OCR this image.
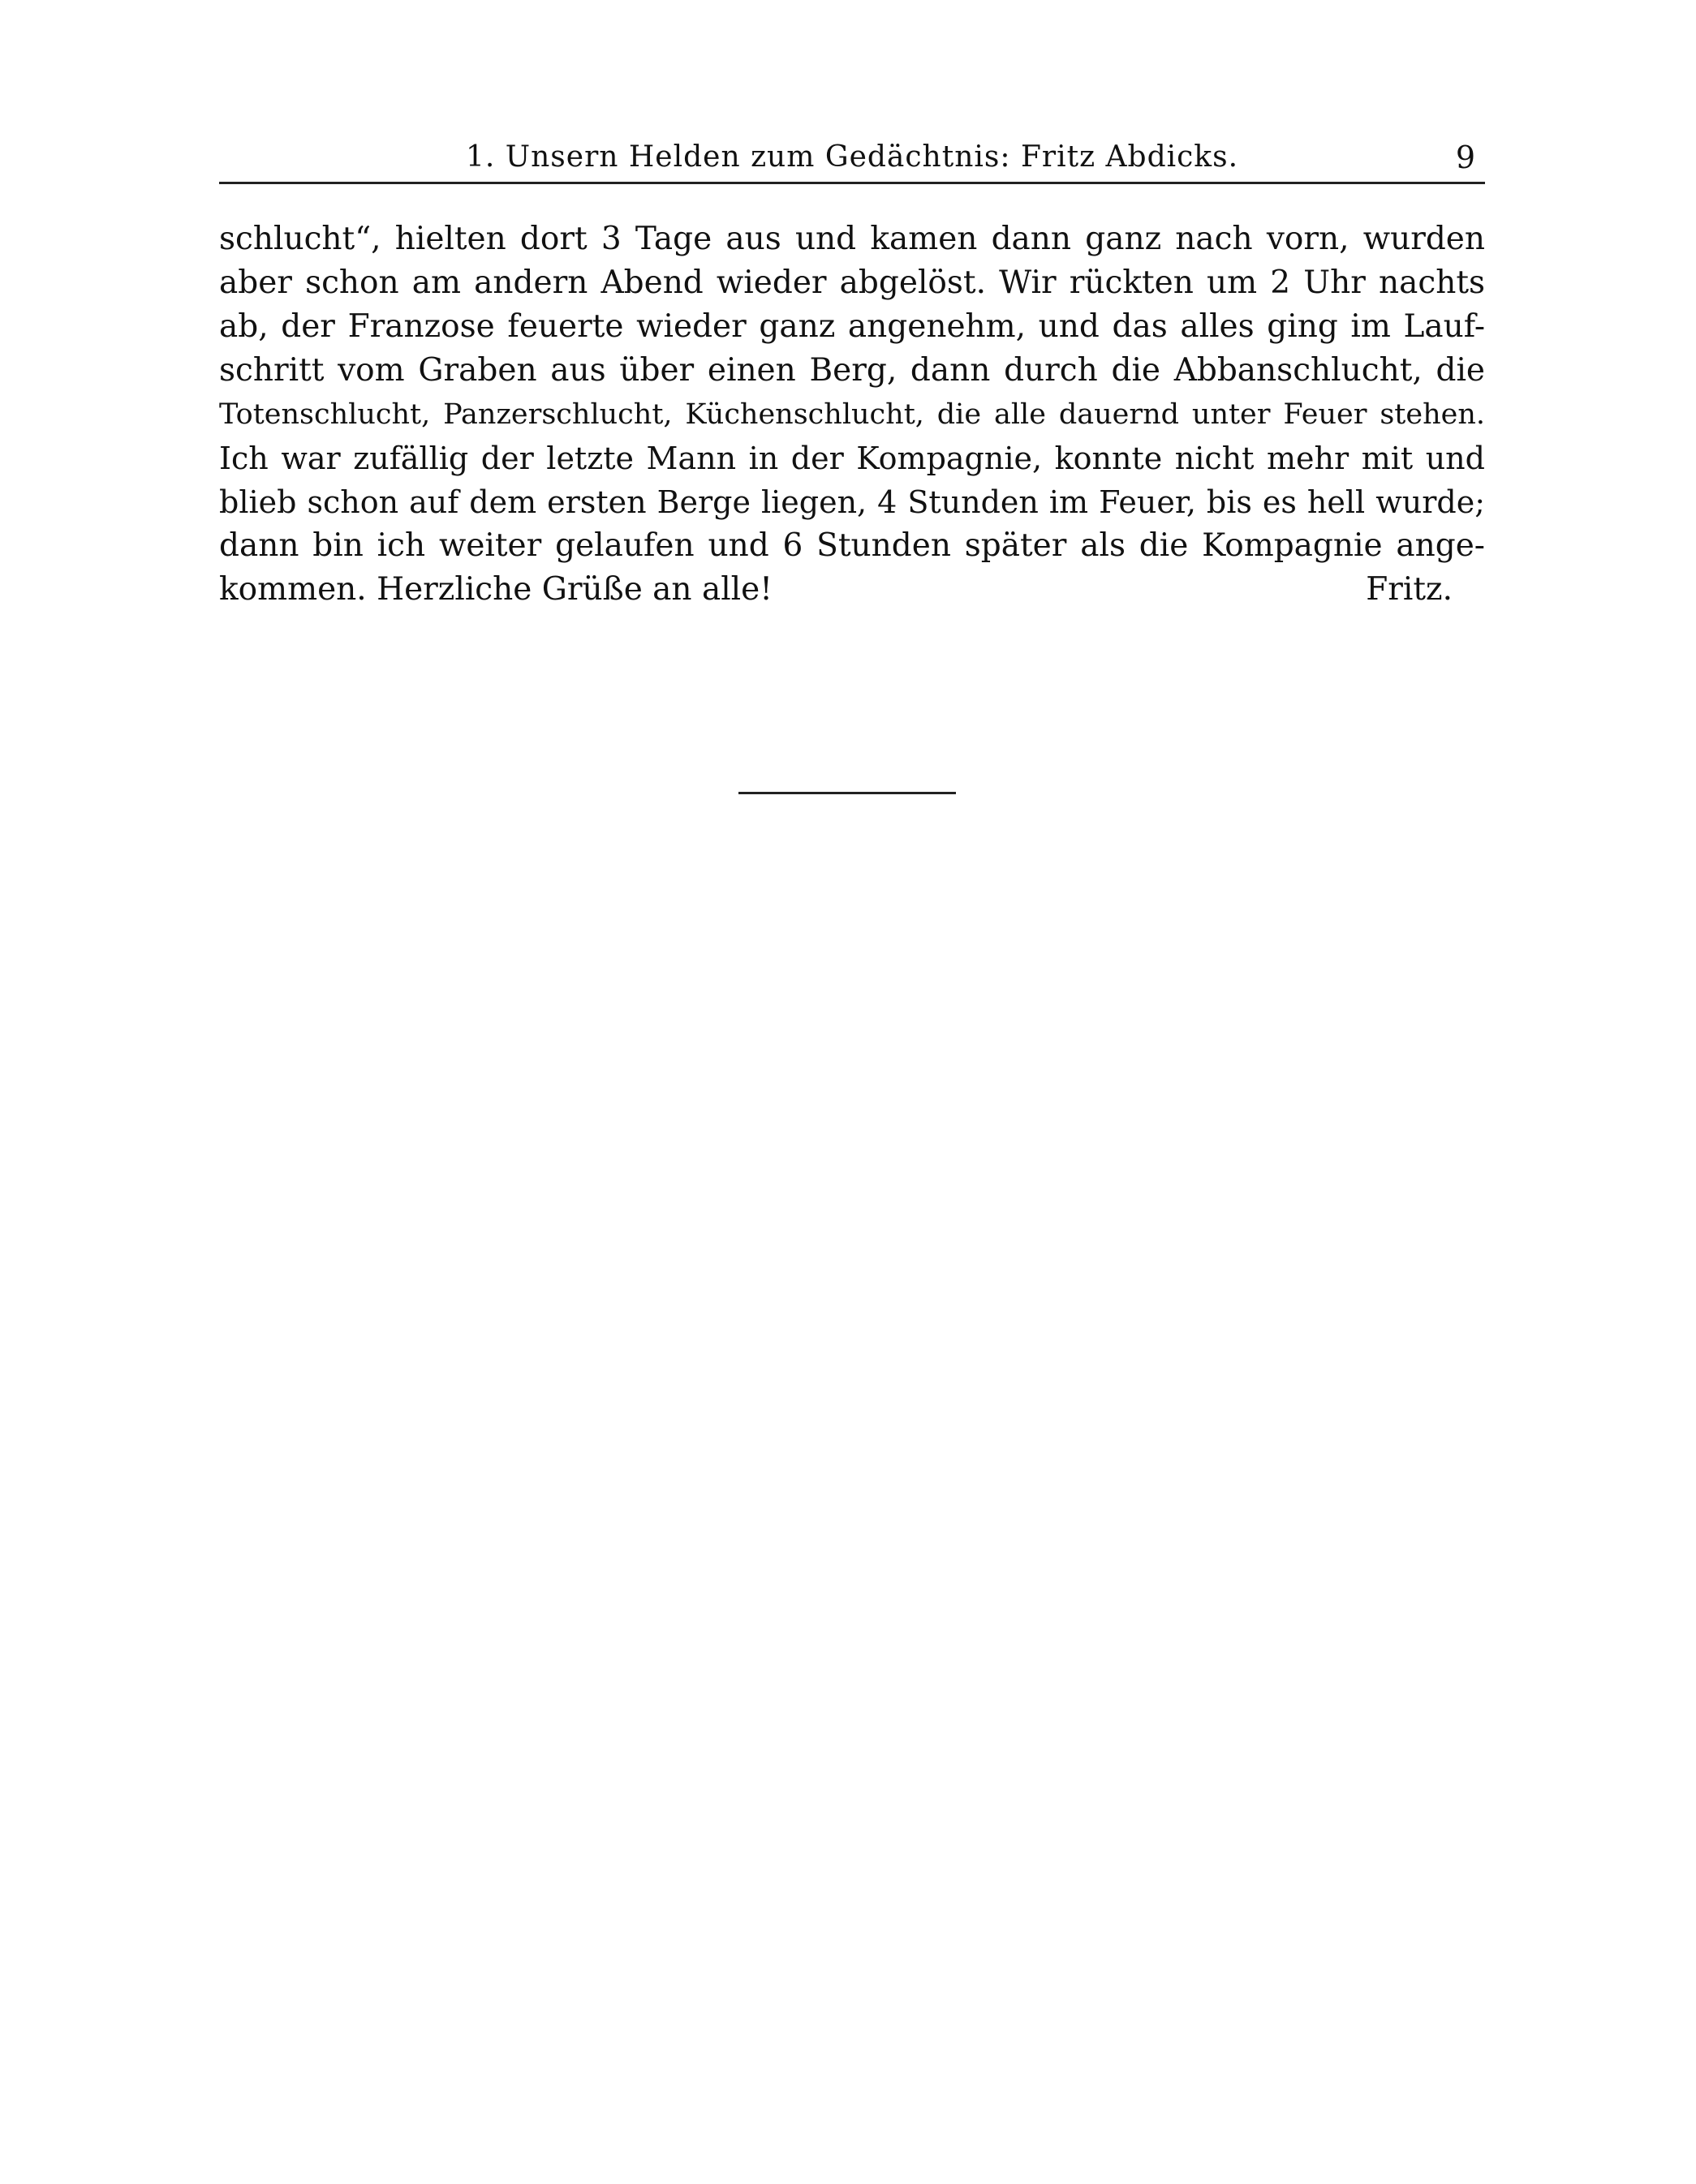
1. Unsern Helden zum Gedächtnis: Fritz Abdicks.	9
schlucht“, hielten dort 3 Tage aus und kamen dann ganz nach vorn, wurden
aber schon am andern Abend wieder abgelöst. Wir rückten um 2 Uhr nachts
ab, der Franzose feuerte wieder ganz angenehm, und das alles ging im Lauf-
schritt vom Graben aus über einen Berg, dann durch die Abbanschlucht, die
Totenschlucht, Panzerschlucht, Küchenschlucht, die alle dauernd unter Feuer stehen.
Ich war zufällig der letzte Mann in der Kompagnie, konnte nicht mehr mit und
blieb schon auf dem ersten Berge liegen, 4 Stunden im Feuer, bis es hell wurde;
dann bin ich weiter gelaufen und 6 Stunden später als die Kompagnie ange-
kommen. Herzliche Grüße an alle!	Fritz.
